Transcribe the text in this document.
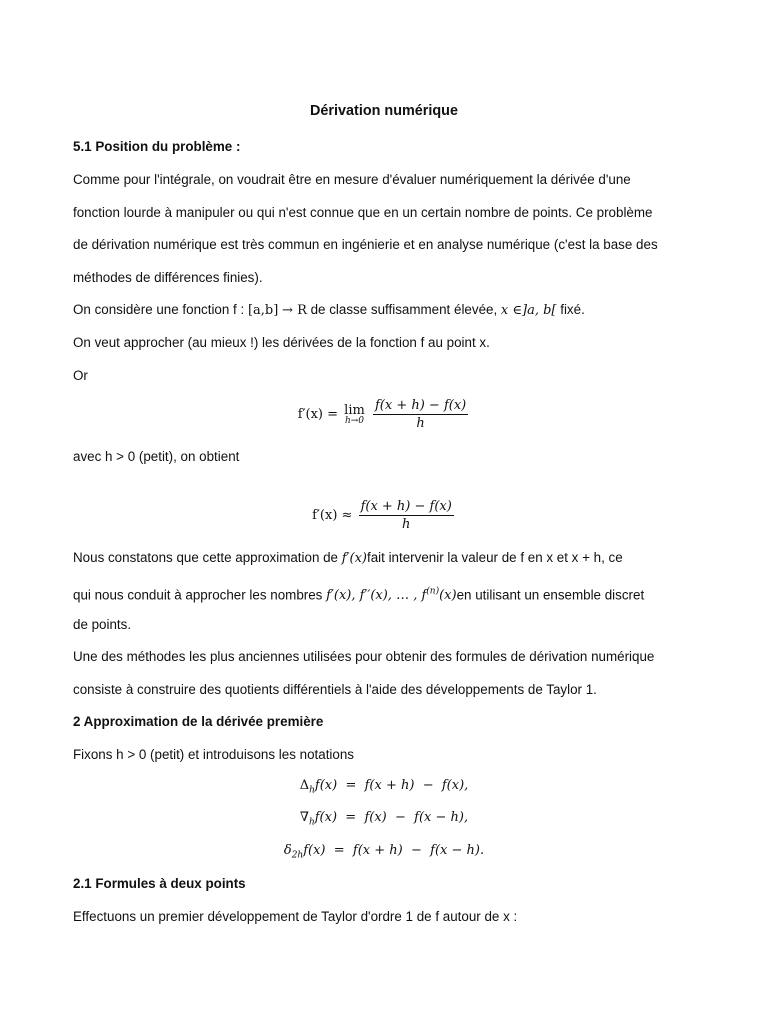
Dérivation numérique
5.1 Position du problème :
Comme pour l'intégrale, on voudrait être en mesure d'évaluer numériquement la dérivée d'une
fonction lourde à manipuler ou qui n'est connue que en un certain nombre de points. Ce problème
de dérivation numérique est très commun en ingénierie et en analyse numérique (c'est la base des
méthodes de différences finies).
On considère une fonction f : [a,b] → R de classe suffisamment élevée, x ∈]a, b[ fixé.
On veut approcher (au mieux !) les dérivées de la fonction f au point x.
Or
f′(x) = lim
h→0
$\frac{f(x + h) - f(x)}{h}$
avec h > 0 (petit), on obtient
$f'(x) \approx \frac{f(x + h) - f(x)}{h}$
Nous constatons que cette approximation de f′(x)fait intervenir la valeur de f en x et x + h, ce
qui nous conduit à approcher les nombres f′(x), f′′(x), … , $f^{(n)}(x)en$ utilisant un ensemble discret
de points.
Une des méthodes les plus anciennes utilisées pour obtenir des formules de dérivation numérique
consiste à construire des quotients différentiels à l'aide des développements de Taylor 1.
2 Approximation de la dérivée première
Fixons h > 0 (petit) et introduisons les notations
$\Delta_hf(x) = f(x + h) - f(x)$,
$\nabla_hf(x) = f(x) - f(x - h)$,
$\delta_{2h}f(x) = f(x + h) - f(x - h)$.
2.1 Formules à deux points
Effectuons un premier développement de Taylor d'ordre 1 de f autour de x :
